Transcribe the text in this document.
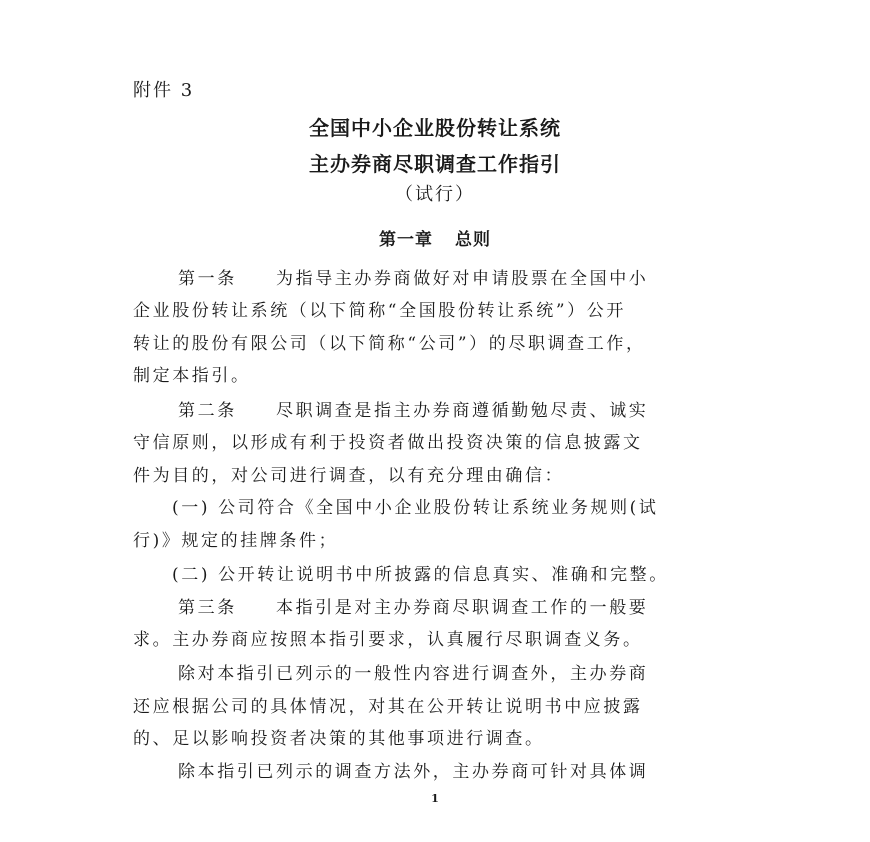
附件 3
全国中小企业股份转让系统
主办券商尽职调查工作指引
（试行）
第一章 总则
第一条　　为指导主办券商做好对申请股票在全国中小
企业股份转让系统（以下简称“全国股份转让系统”）公开
转让的股份有限公司（以下简称“公司”）的尽职调查工作，
制定本指引。
第二条　　尽职调查是指主办券商遵循勤勉尽责、诚实
守信原则，以形成有利于投资者做出投资决策的信息披露文
件为目的，对公司进行调查，以有充分理由确信：
(一) 公司符合《全国中小企业股份转让系统业务规则(试
行)》规定的挂牌条件；
(二) 公开转让说明书中所披露的信息真实、准确和完整。
第三条　　本指引是对主办券商尽职调查工作的一般要
求。主办券商应按照本指引要求，认真履行尽职调查义务。
除对本指引已列示的一般性内容进行调查外，主办券商
还应根据公司的具体情况，对其在公开转让说明书中应披露
的、足以影响投资者决策的其他事项进行调查。
1
除本指引已列示的调查方法外，主办券商可针对具体调
